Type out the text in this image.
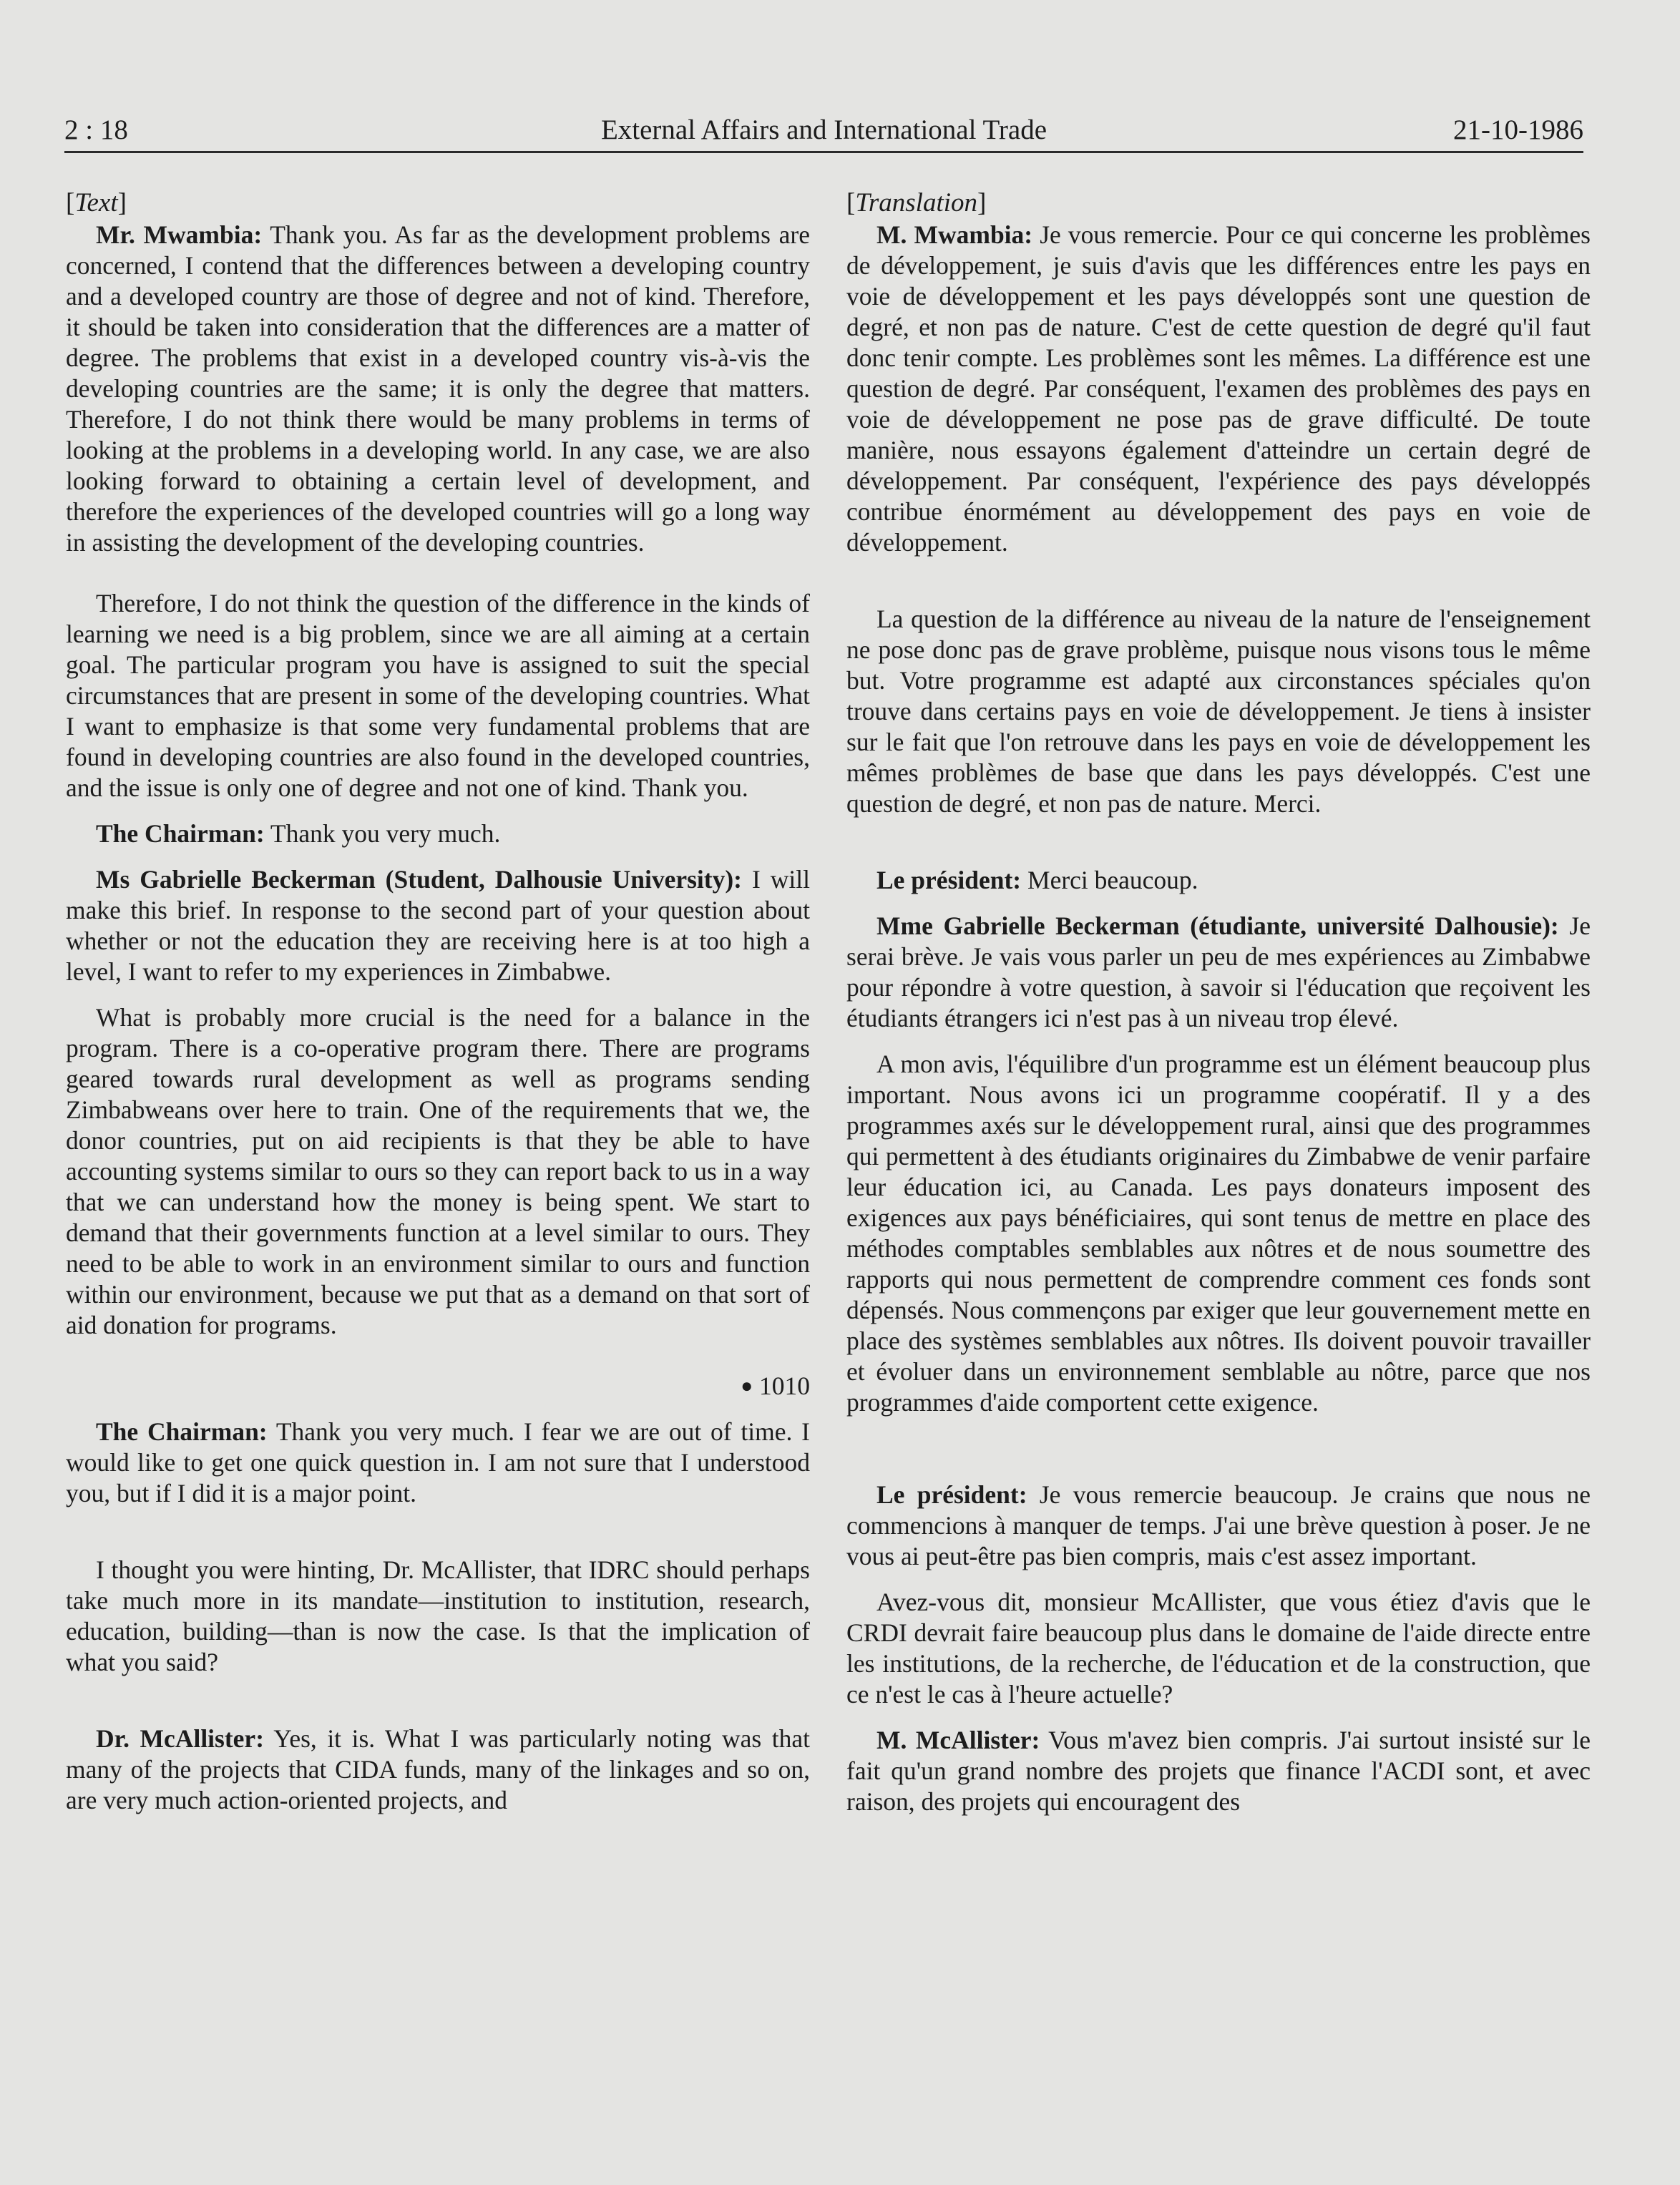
2 : 18	External Affairs and International Trade	21-10-1986

[Text]

Mr. Mwambia: Thank you. As far as the development problems are concerned, I contend that the differences between a developing country and a developed country are those of degree and not of kind. Therefore, it should be taken into consideration that the differences are a matter of degree. The problems that exist in a developed country vis-à-vis the developing countries are the same; it is only the degree that matters. Therefore, I do not think there would be many problems in terms of looking at the problems in a developing world. In any case, we are also looking forward to obtaining a certain level of development, and therefore the experiences of the developed countries will go a long way in assisting the development of the developing countries.

Therefore, I do not think the question of the difference in the kinds of learning we need is a big problem, since we are all aiming at a certain goal. The particular program you have is assigned to suit the special circumstances that are present in some of the developing countries. What I want to emphasize is that some very fundamental problems that are found in developing countries are also found in the developed countries, and the issue is only one of degree and not one of kind. Thank you.

The Chairman: Thank you very much.

Ms Gabrielle Beckerman (Student, Dalhousie University): I will make this brief. In response to the second part of your question about whether or not the education they are receiving here is at too high a level, I want to refer to my experiences in Zimbabwe.

What is probably more crucial is the need for a balance in the program. There is a co-operative program there. There are programs geared towards rural development as well as programs sending Zimbabweans over here to train. One of the requirements that we, the donor countries, put on aid recipients is that they be able to have accounting systems similar to ours so they can report back to us in a way that we can understand how the money is being spent. We start to demand that their governments function at a level similar to ours. They need to be able to work in an environment similar to ours and function within our environment, because we put that as a demand on that sort of aid donation for programs.

● 1010

The Chairman: Thank you very much. I fear we are out of time. I would like to get one quick question in. I am not sure that I understood you, but if I did it is a major point.

I thought you were hinting, Dr. McAllister, that IDRC should perhaps take much more in its mandate—institution to institution, research, education, building—than is now the case. Is that the implication of what you said?

Dr. McAllister: Yes, it is. What I was particularly noting was that many of the projects that CIDA funds, many of the linkages and so on, are very much action-oriented projects, and

[Translation]

M. Mwambia: Je vous remercie. Pour ce qui concerne les problèmes de développement, je suis d'avis que les différences entre les pays en voie de développement et les pays développés sont une question de degré, et non pas de nature. C'est de cette question de degré qu'il faut donc tenir compte. Les problèmes sont les mêmes. La différence est une question de degré. Par conséquent, l'examen des problèmes des pays en voie de développement ne pose pas de grave difficulté. De toute manière, nous essayons également d'atteindre un certain degré de développement. Par conséquent, l'expérience des pays développés contribue énormément au développement des pays en voie de développement.

La question de la différence au niveau de la nature de l'enseignement ne pose donc pas de grave problème, puisque nous visons tous le même but. Votre programme est adapté aux circonstances spéciales qu'on trouve dans certains pays en voie de développement. Je tiens à insister sur le fait que l'on retrouve dans les pays en voie de développement les mêmes problèmes de base que dans les pays développés. C'est une question de degré, et non pas de nature. Merci.

Le président: Merci beaucoup.

Mme Gabrielle Beckerman (étudiante, université Dalhousie): Je serai brève. Je vais vous parler un peu de mes expériences au Zimbabwe pour répondre à votre question, à savoir si l'éducation que reçoivent les étudiants étrangers ici n'est pas à un niveau trop élevé.

A mon avis, l'équilibre d'un programme est un élément beaucoup plus important. Nous avons ici un programme coopératif. Il y a des programmes axés sur le développement rural, ainsi que des programmes qui permettent à des étudiants originaires du Zimbabwe de venir parfaire leur éducation ici, au Canada. Les pays donateurs imposent des exigences aux pays bénéficiaires, qui sont tenus de mettre en place des méthodes comptables semblables aux nôtres et de nous soumettre des rapports qui nous permettent de comprendre comment ces fonds sont dépensés. Nous commençons par exiger que leur gouvernement mette en place des systèmes semblables aux nôtres. Ils doivent pouvoir travailler et évoluer dans un environnement semblable au nôtre, parce que nos programmes d'aide comportent cette exigence.

Le président: Je vous remercie beaucoup. Je crains que nous ne commencions à manquer de temps. J'ai une brève question à poser. Je ne vous ai peut-être pas bien compris, mais c'est assez important.

Avez-vous dit, monsieur McAllister, que vous étiez d'avis que le CRDI devrait faire beaucoup plus dans le domaine de l'aide directe entre les institutions, de la recherche, de l'éducation et de la construction, que ce n'est le cas à l'heure actuelle?

M. McAllister: Vous m'avez bien compris. J'ai surtout insisté sur le fait qu'un grand nombre des projets que finance l'ACDI sont, et avec raison, des projets qui encouragent des
